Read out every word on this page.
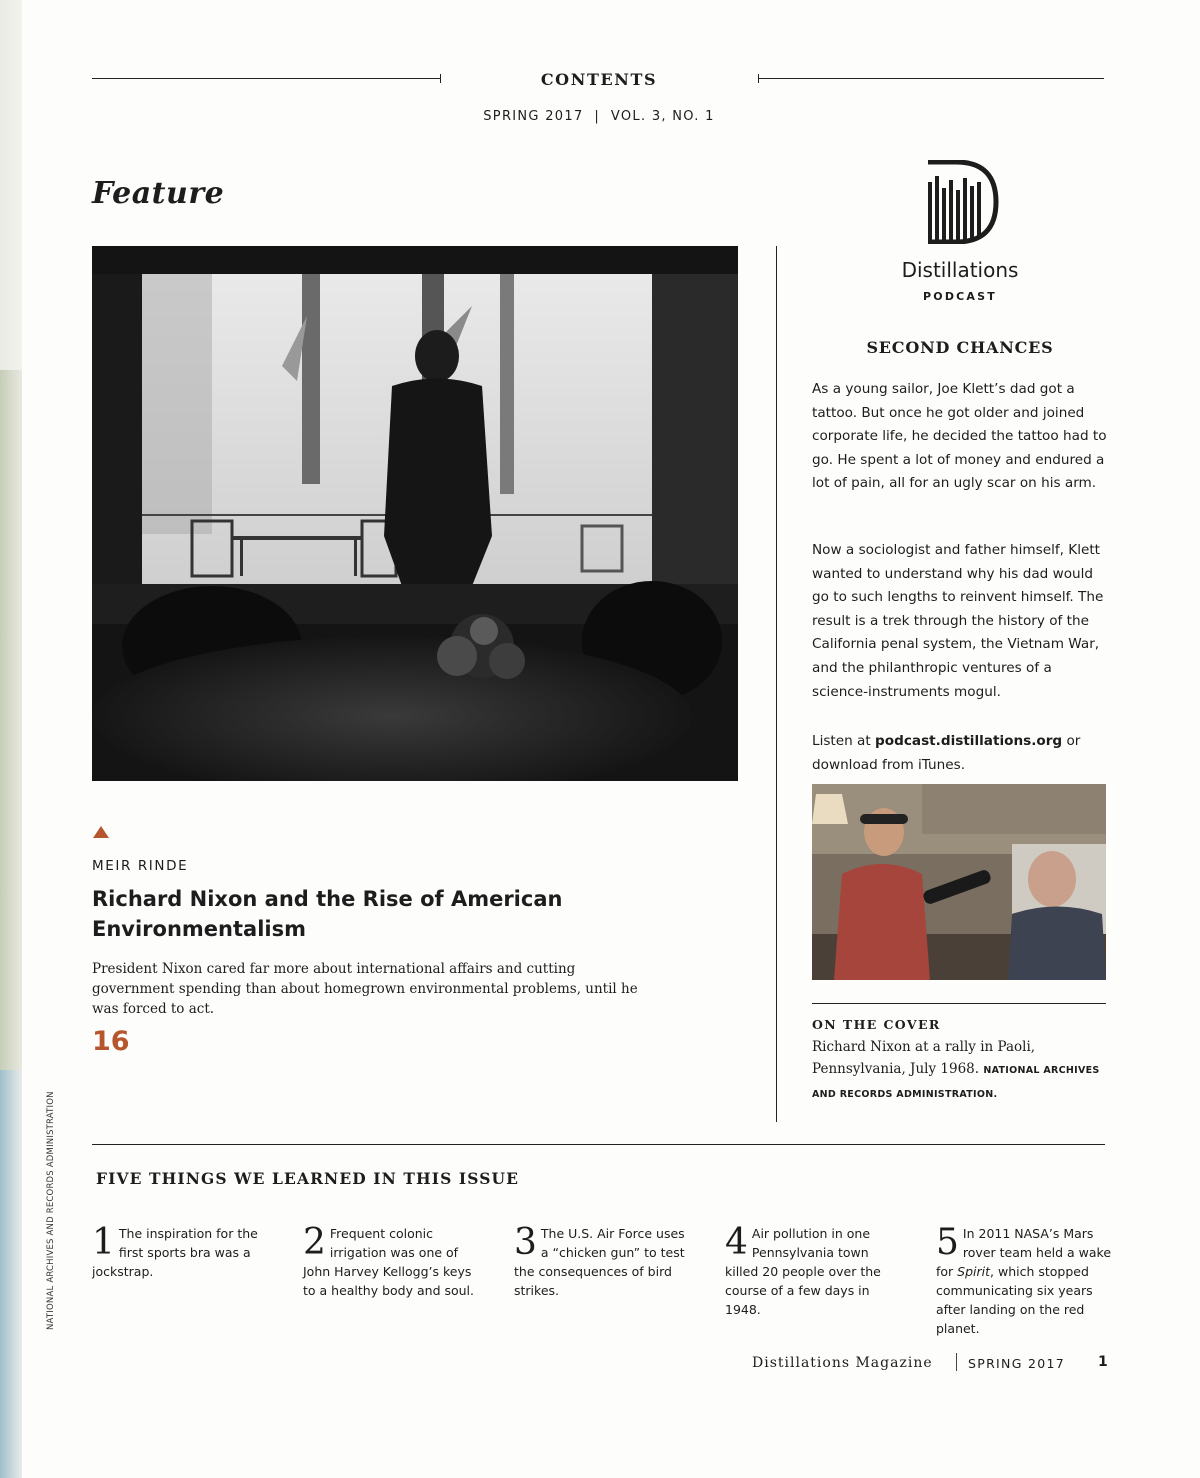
NATIONAL ARCHIVES AND RECORDS ADMINISTRATION
CONTENTS
SPRING 2017  |  VOL. 3, NO. 1
Feature
MEIR RINDE
Richard Nixon and the Rise of American Environmentalism
President Nixon cared far more about international affairs and cutting government spending than about homegrown environmental problems, until he was forced to act.
16
Distillations
PODCAST
SECOND CHANCES

As a young sailor, Joe Klett’s dad got a tattoo. But once he got older and joined corporate life, he decided the tattoo had to go. He spent a lot of money and endured a lot of pain, all for an ugly scar on his arm.

Now a sociologist and father himself, Klett wanted to understand why his dad would go to such lengths to reinvent himself. The result is a trek through the history of the California penal system, the Vietnam War, and the philanthropic ventures of a science-instruments mogul.

Listen at podcast.distillations.org or download from iTunes.

ON THE COVER
Richard Nixon at a rally in Paoli, Pennsylvania, July 1968. NATIONAL ARCHIVES AND RECORDS ADMINISTRATION.
FIVE THINGS WE LEARNED IN THIS ISSUE
1 The inspiration for the first sports bra was a jockstrap.
2 Frequent colonic irrigation was one of John Harvey Kellogg’s keys to a healthy body and soul.
3 The U.S. Air Force uses a “chicken gun” to test the consequences of bird strikes.
4 Air pollution in one Pennsylvania town killed 20 people over the course of a few days in 1948.
5 In 2011 NASA’s Mars rover team held a wake for Spirit, which stopped communicating six years after landing on the red planet.
Distillations Magazine	SPRING 2017 1
